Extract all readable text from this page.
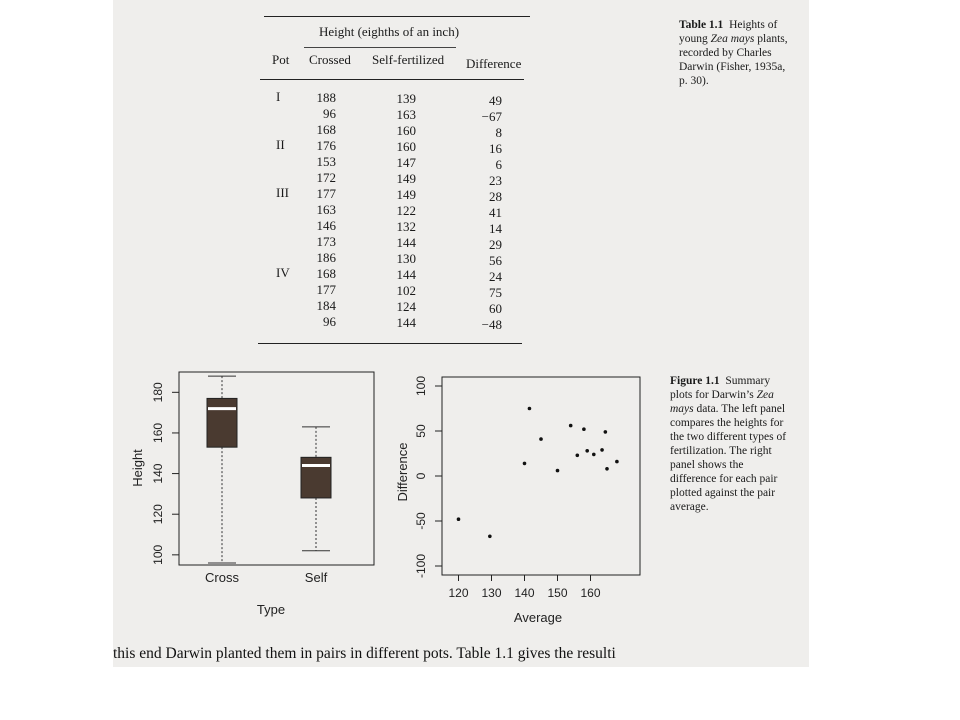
Height (eighths of an inch)
Pot Crossed Self-fertilized Difference
I
II
III
IV
188
96
168
176
153
172
177
163
146
173
186
168
177
184
96
139
163
160
160
147
149
149
122
132
144
130
144
102
124
144
49
−67
8
16
6
23
28
41
14
29
56
24
75
60
−48
Table 1.1 Heights of young Zea mays plants, recorded by Charles Darwin (Fisher, 1935a, p. 30).
100
120
140
160
180
Cross	Self
Height
Type
-100
-50
0
50
100
120 130 140 150 160
Difference
Average
Figure 1.1 Summary plots for Darwin’s Zea mays data. The left panel compares the heights for the two different types of fertilization. The right panel shows the difference for each pair plotted against the pair average.
this end Darwin planted them in pairs in different pots. Table 1.1 gives the resulti
